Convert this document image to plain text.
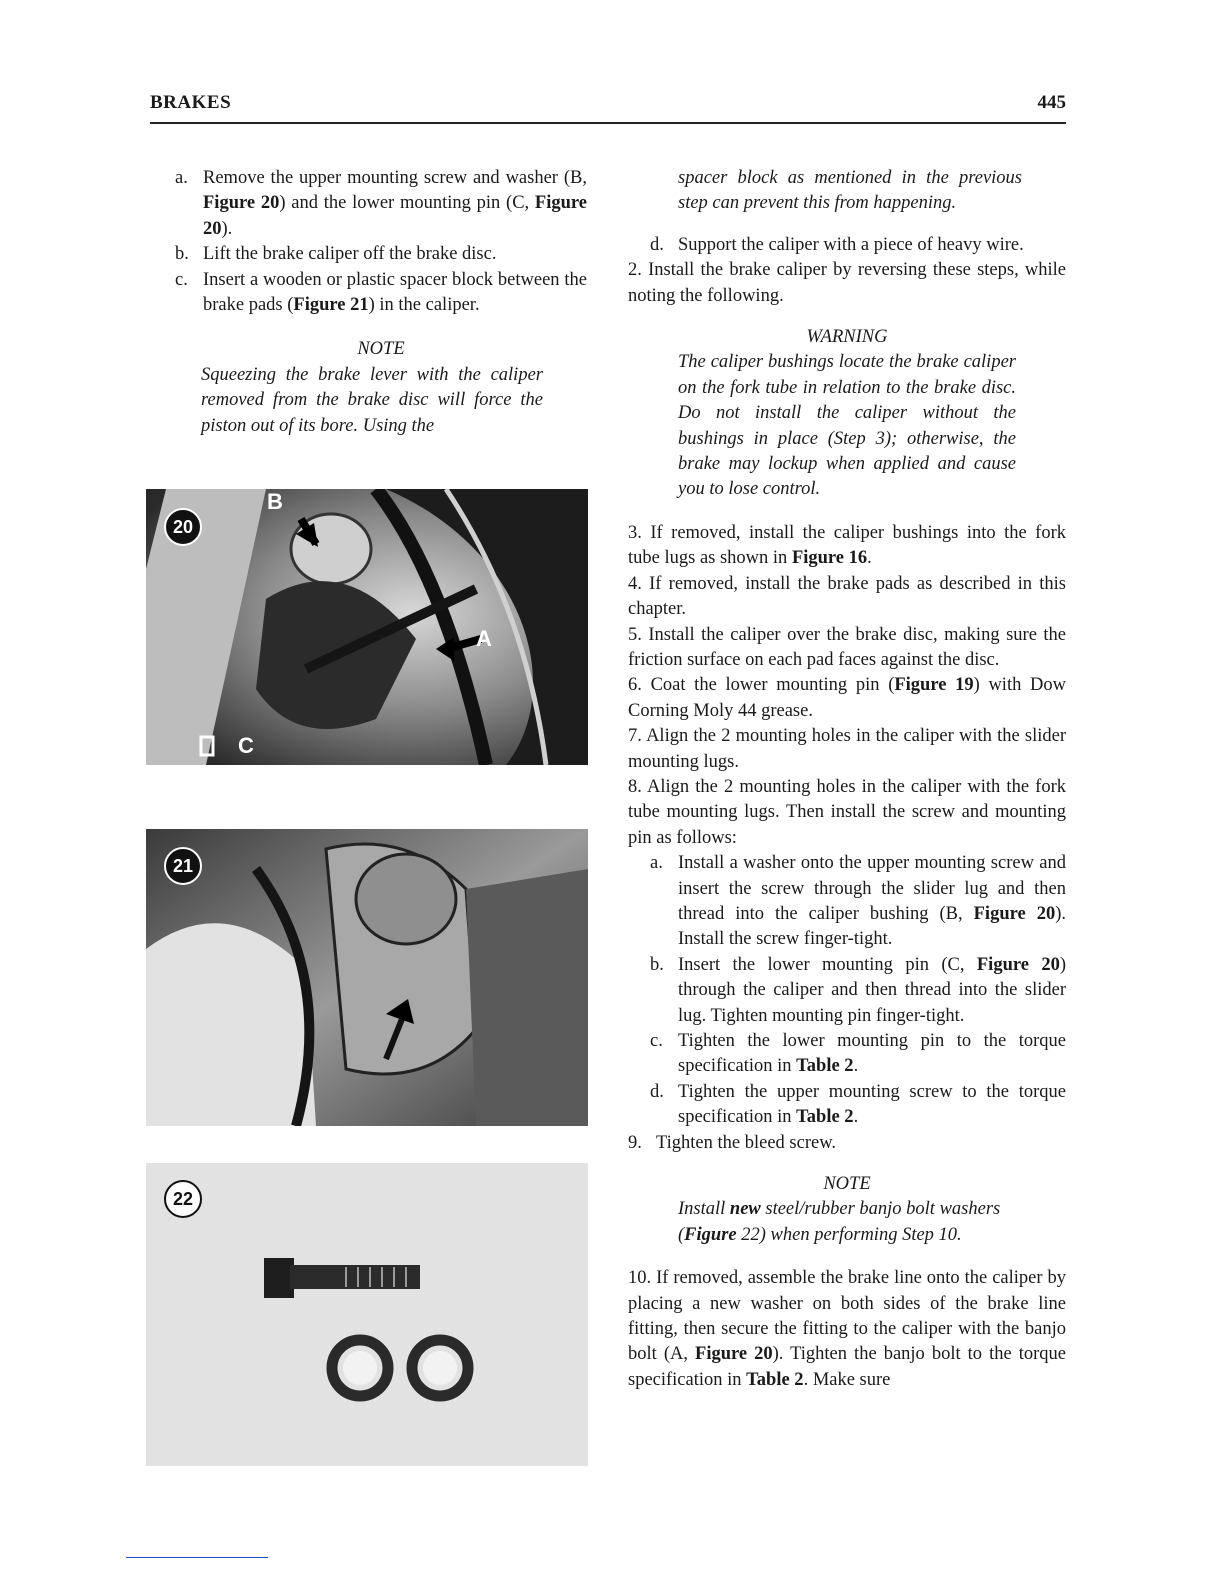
BRAKES	445
a. Remove the upper mounting screw and washer (B, Figure 20) and the lower mounting pin (C, Figure 20).
b. Lift the brake caliper off the brake disc.
c. Insert a wooden or plastic spacer block between the brake pads (Figure 21) in the caliper.
NOTE
Squeezing the brake lever with the caliper removed from the brake disc will force the piston out of its bore. Using the
20
B
A
C
21
22
spacer block as mentioned in the previous step can prevent this from happening.
d. Support the caliper with a piece of heavy wire.
2. Install the brake caliper by reversing these steps, while noting the following.
WARNING
The caliper bushings locate the brake caliper on the fork tube in relation to the brake disc. Do not install the caliper without the bushings in place (Step 3); otherwise, the brake may lockup when applied and cause you to lose control.
3. If removed, install the caliper bushings into the fork tube lugs as shown in Figure 16.
4. If removed, install the brake pads as described in this chapter.
5. Install the caliper over the brake disc, making sure the friction surface on each pad faces against the disc.
6. Coat the lower mounting pin (Figure 19) with Dow Corning Moly 44 grease.
7. Align the 2 mounting holes in the caliper with the slider mounting lugs.
8. Align the 2 mounting holes in the caliper with the fork tube mounting lugs. Then install the screw and mounting pin as follows:
a. Install a washer onto the upper mounting screw and insert the screw through the slider lug and then thread into the caliper bushing (B, Figure 20). Install the screw finger-tight.
b. Insert the lower mounting pin (C, Figure 20) through the caliper and then thread into the slider lug. Tighten mounting pin finger-tight.
c. Tighten the lower mounting pin to the torque specification in Table 2.
d. Tighten the upper mounting screw to the torque specification in Table 2.
9. Tighten the bleed screw.
NOTE
Install new steel/rubber banjo bolt washers (Figure 22) when performing Step 10.
10. If removed, assemble the brake line onto the caliper by placing a new washer on both sides of the brake line fitting, then secure the fitting to the caliper with the banjo bolt (A, Figure 20). Tighten the banjo bolt to the torque specification in Table 2. Make sure
